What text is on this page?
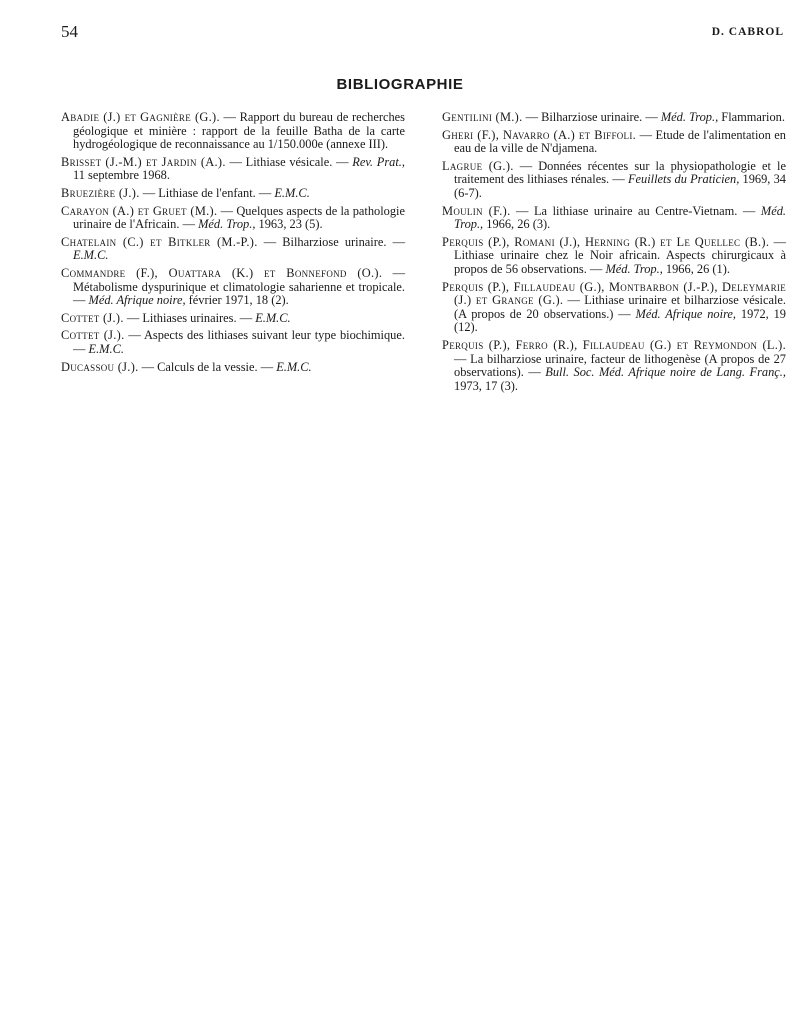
54	D. CABROL
BIBLIOGRAPHIE

Abadie (J.) et Gagnière (G.). — Rapport du bureau de recherches géologique et minière : rapport de la feuille Batha de la carte hydrogéologique de reconnaissance au 1/150.000e (annexe III).

Brisset (J.-M.) et Jardin (A.). — Lithiase vésicale. — Rev. Prat., 11 septembre 1968.

Bruezière (J.). — Lithiase de l'enfant. — E.M.C.

Carayon (A.) et Gruet (M.). — Quelques aspects de la pathologie urinaire de l'Africain. — Méd. Trop., 1963, 23 (5).

Chatelain (C.) et Bitkler (M.-P.). — Bilharziose urinaire. — E.M.C.

Commandre (F.), Ouattara (K.) et Bonnefond (O.). — Métabolisme dyspurinique et climatologie saharienne et tropicale. — Méd. Afrique noire, février 1971, 18 (2).

Cottet (J.). — Lithiases urinaires. — E.M.C.

Cottet (J.). — Aspects des lithiases suivant leur type biochimique. — E.M.C.

Ducassou (J.). — Calculs de la vessie. — E.M.C.

Gentilini (M.). — Bilharziose urinaire. — Méd. Trop., Flammarion.

Gheri (F.), Navarro (A.) et Biffoli. — Etude de l'alimentation en eau de la ville de N'djamena.

Lagrue (G.). — Données récentes sur la physiopathologie et le traitement des lithiases rénales. — Feuillets du Praticien, 1969, 34 (6-7).

Moulin (F.). — La lithiase urinaire au Centre-Vietnam. — Méd. Trop., 1966, 26 (3).

Perquis (P.), Romani (J.), Herning (R.) et Le Quellec (B.). — Lithiase urinaire chez le Noir africain. Aspects chirurgicaux à propos de 56 observations. — Méd. Trop., 1966, 26 (1).

Perquis (P.), Fillaudeau (G.), Montbarbon (J.-P.), Deleymarie (J.) et Grange (G.). — Lithiase urinaire et bilharziose vésicale. (A propos de 20 observations.) — Méd. Afrique noire, 1972, 19 (12).

Perquis (P.), Ferro (R.), Fillaudeau (G.) et Reymondon (L.). — La bilharziose urinaire, facteur de lithogenèse (A propos de 27 observations). — Bull. Soc. Méd. Afrique noire de Lang. Franç., 1973, 17 (3).
